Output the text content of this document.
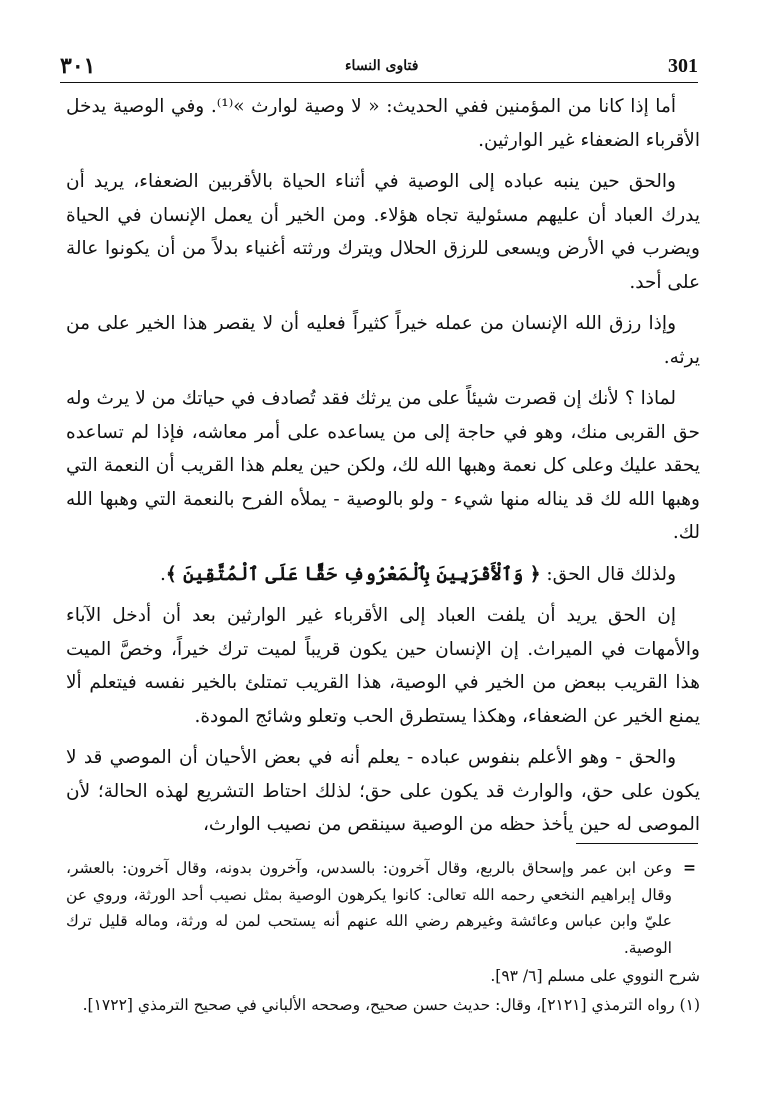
٣٠١	فتاوى النساء	301

أما إذا كانا من المؤمنين ففي الحديث: « لا وصية لوارث »⁽¹⁾. وفي الوصية يدخل الأقرباء الضعفاء غير الوارثين.

والحق حين ينبه عباده إلى الوصية في أثناء الحياة بالأقربين الضعفاء، يريد أن يدرك العباد أن عليهم مسئولية تجاه هؤلاء. ومن الخير أن يعمل الإنسان في الحياة ويضرب في الأرض ويسعى للرزق الحلال ويترك ورثته أغنياء بدلاً من أن يكونوا عالة على أحد.

وإذا رزق الله الإنسان من عمله خيراً كثيراً فعليه أن لا يقصر هذا الخير على من يرثه.

لماذا ؟ لأنك إن قصرت شيئاً على من يرثك فقد تُصادف في حياتك من لا يرث وله حق القربى منك، وهو في حاجة إلى من يساعده على أمر معاشه، فإذا لم تساعده يحقد عليك وعلى كل نعمة وهبها الله لك، ولكن حين يعلم هذا القريب أن النعمة التي وهبها الله لك قد يناله منها شيء - ولو بالوصية - يملأه الفرح بالنعمة التي وهبها الله لك.

ولذلك قال الحق: ﴿ وَٱلْأَقْرَبِينَ بِٱلْمَعْرُوفِ حَقًّا عَلَى ٱلْمُتَّقِينَ ﴾.

إن الحق يريد أن يلفت العباد إلى الأقرباء غير الوارثين بعد أن أدخل الآباء والأمهات في الميراث. إن الإنسان حين يكون قريباً لميت ترك خيراً، وخصَّ الميت هذا القريب ببعض من الخير في الوصية، هذا القريب تمتلئ بالخير نفسه فيتعلم ألا يمنع الخير عن الضعفاء، وهكذا يستطرق الحب وتعلو وشائج المودة.

والحق - وهو الأعلم بنفوس عباده - يعلم أنه في بعض الأحيان أن الموصي قد لا يكون على حق، والوارث قد يكون على حق؛ لذلك احتاط التشريع لهذه الحالة؛ لأن الموصى له حين يأخذ حظه من الوصية سينقص من نصيب الوارث،

=
وعن ابن عمر وإسحاق بالربع، وقال آخرون: بالسدس، وآخرون بدونه، وقال آخرون: بالعشر، وقال إبراهيم النخعي رحمه الله تعالى: كانوا يكرهون الوصية بمثل نصيب أحد الورثة، وروي عن عليّ وابن عباس وعائشة وغيرهم رضي الله عنهم أنه يستحب لمن له ورثة، وماله قليل ترك الوصية.

شرح النووي على مسلم [٦/ ٩٣].

(١) رواه الترمذي [٢١٢١]، وقال: حديث حسن صحيح، وصححه الألباني في صحيح الترمذي [١٧٢٢].
